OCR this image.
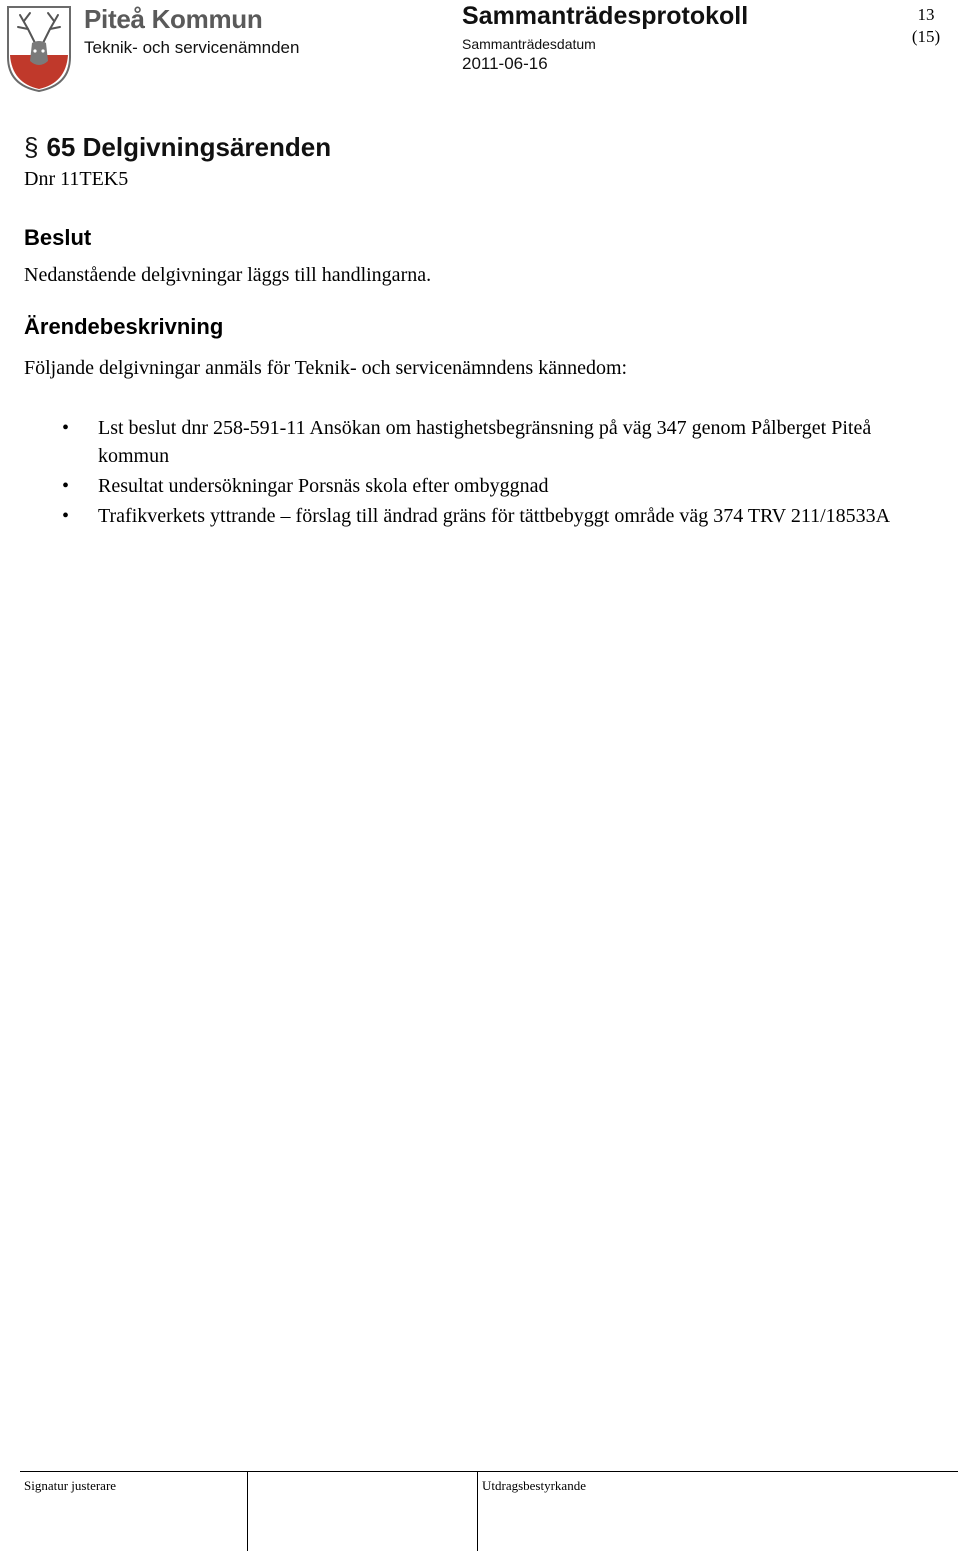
Piteå Kommun
Teknik- och servicenämnden
Sammanträdesprotokoll
Sammanträdesdatum
2011-06-16
13
(15)
§ 65 Delgivningsärenden
Dnr 11TEK5
Beslut
Nedanstående delgivningar läggs till handlingarna.
Ärendebeskrivning
Följande delgivningar anmäls för Teknik- och servicenämndens kännedom:
• Lst beslut dnr 258-591-11 Ansökan om hastighetsbegränsning på väg 347 genom Pålberget Piteå kommun
• Resultat undersökningar Porsnäs skola efter ombyggnad
• Trafikverkets yttrande – förslag till ändrad gräns för tättbebyggt område väg 374 TRV 211/18533A
Signatur justerare	Utdragsbestyrkande
